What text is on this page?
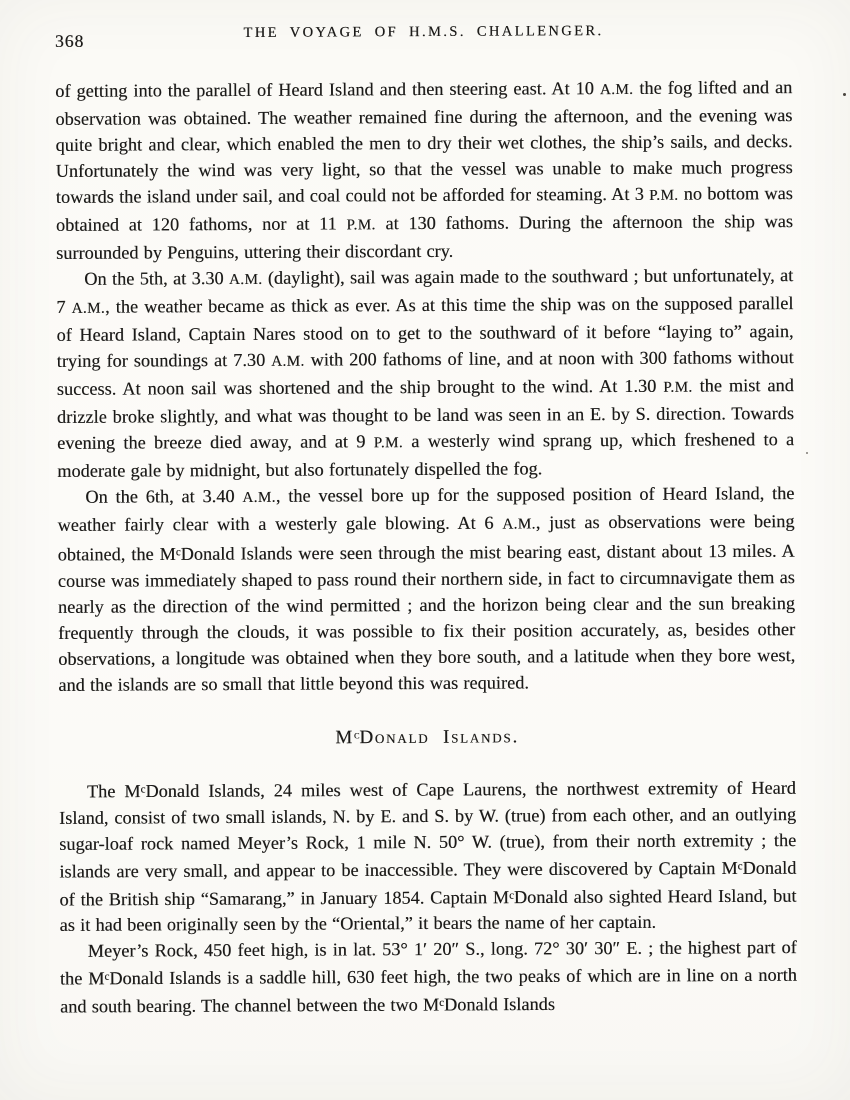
368	THE VOYAGE OF H.M.S. CHALLENGER.

of getting into the parallel of Heard Island and then steering east. At 10 A.M. the fog lifted and an observation was obtained. The weather remained fine during the afternoon, and the evening was quite bright and clear, which enabled the men to dry their wet clothes, the ship’s sails, and decks. Unfortunately the wind was very light, so that the vessel was unable to make much progress towards the island under sail, and coal could not be afforded for steaming. At 3 P.M. no bottom was obtained at 120 fathoms, nor at 11 P.M. at 130 fathoms. During the afternoon the ship was surrounded by Penguins, uttering their discordant cry.

On the 5th, at 3.30 A.M. (daylight), sail was again made to the southward ; but unfortunately, at 7 A.M., the weather became as thick as ever. As at this time the ship was on the supposed parallel of Heard Island, Captain Nares stood on to get to the southward of it before “laying to” again, trying for soundings at 7.30 A.M. with 200 fathoms of line, and at noon with 300 fathoms without success. At noon sail was shortened and the ship brought to the wind. At 1.30 P.M. the mist and drizzle broke slightly, and what was thought to be land was seen in an E. by S. direction. Towards evening the breeze died away, and at 9 P.M. a westerly wind sprang up, which freshened to a moderate gale by midnight, but also fortunately dispelled the fog.

On the 6th, at 3.40 A.M., the vessel bore up for the supposed position of Heard Island, the weather fairly clear with a westerly gale blowing. At 6 A.M., just as observations were being obtained, the $M^cDonald$ Islands were seen through the mist bearing east, distant about 13 miles. A course was immediately shaped to pass round their northern side, in fact to circumnavigate them as nearly as the direction of the wind permitted ; and the horizon being clear and the sun breaking frequently through the clouds, it was possible to fix their position accurately, as, besides other observations, a longitude was obtained when they bore south, and a latitude when they bore west, and the islands are so small that little beyond this was required.

$M^cDonald$ Islands.

The $M^cDonald$ Islands, 24 miles west of Cape Laurens, the northwest extremity of Heard Island, consist of two small islands, N. by E. and S. by W. (true) from each other, and an outlying sugar-loaf rock named Meyer’s Rock, 1 mile N. 50° W. (true), from their north extremity ; the islands are very small, and appear to be inaccessible. They were discovered by Captain $M^cDonald$ of the British ship “Samarang,” in January 1854. Captain $M^cDonald$ also sighted Heard Island, but as it had been originally seen by the “Oriental,” it bears the name of her captain.

Meyer’s Rock, 450 feet high, is in lat. 53° 1′ 20″ S., long. 72° 30′ 30″ E. ; the highest part of the $M^cDonald$ Islands is a saddle hill, 630 feet high, the two peaks of which are in line on a north and south bearing. The channel between the two $M^cDonald$ Islands
